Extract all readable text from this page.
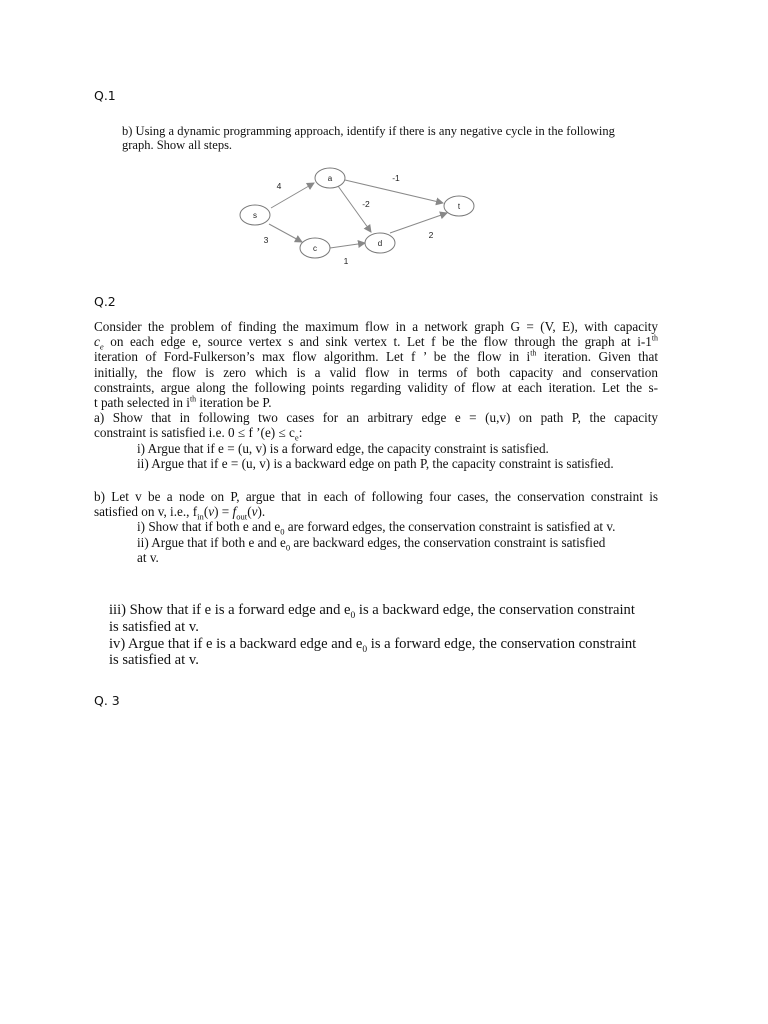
Q.1
b) Using a dynamic programming approach, identify if there is any negative cycle in the following
graph. Show all steps.
s
a
c
d
t
4
3
-1
-2
1
2
Q.2
Consider the problem of finding the maximum flow in a network graph G = (V, E), with capacity
$c_e$ on each edge e, source vertex s and sink vertex t. Let f be the flow through the graph at i-1th
iteration of Ford-Fulkerson’s max flow algorithm. Let f ’ be the flow in $i^{th}$ iteration. Given that
initially, the flow is zero which is a valid flow in terms of both capacity and conservation
constraints, argue along the following points regarding validity of flow at each iteration. Let the s-
t path selected in $i^{th}$ iteration be P.
a) Show that in following two cases for an arbitrary edge e = (u,v) on path P, the capacity
constraint is satisfied i.e. 0 ≤ f ’(e) ≤ $c_e$:
i) Argue that if e = (u, v) is a forward edge, the capacity constraint is satisfied.
ii) Argue that if e = (u, v) is a backward edge on path P, the capacity constraint is satisfied.
b) Let v be a node on P, argue that in each of following four cases, the conservation constraint is
satisfied on v, i.e., $f_{in}(v) = f_{out}(v)$.
i) Show that if both e and $e_0$ are forward edges, the conservation constraint is satisfied at v.
ii) Argue that if both e and $e_0$ are backward edges, the conservation constraint is satisfied
at v.
iii) Show that if e is a forward edge and $e_0$ is a backward edge, the conservation constraint
is satisfied at v.
iv) Argue that if e is a backward edge and $e_0$ is a forward edge, the conservation constraint
is satisfied at v.
Q. 3
